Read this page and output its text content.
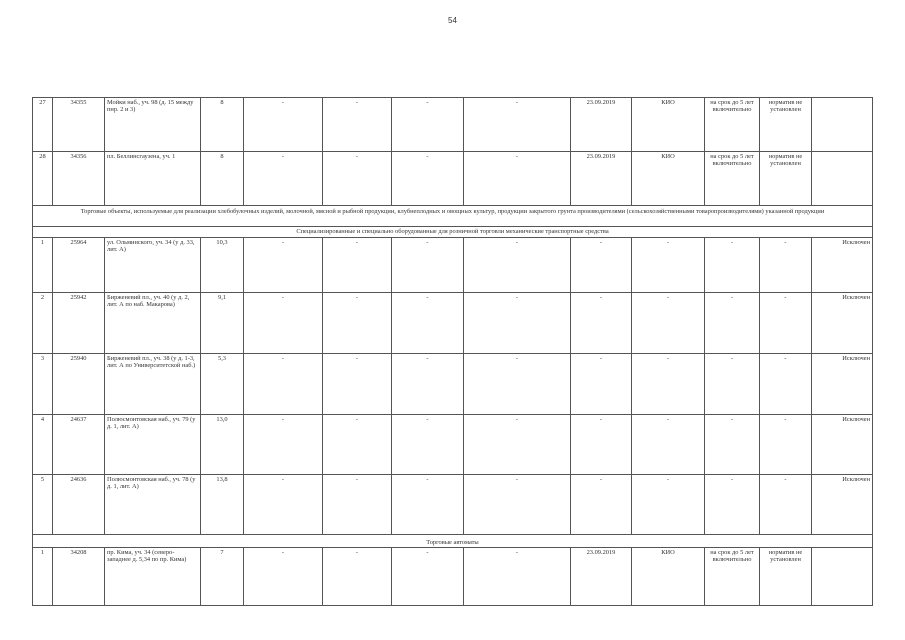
54
27	34355	Мойки наб., уч. 98 (д. 15 между пнр. 2 и 3)	8	-	-	-	-	23.09.2019	КИО	на срок до 5 лет включительно	норматив не установлен	
28	34356	пл. Беллинсгаузена, уч. 1	8	-	-	-	-	23.09.2019	КИО	на срок до 5 лет включительно	норматив не установлен	
Торговые объекты, используемые для реализации хлебобулочных изделий, молочной, мясной и рыбной продукции, клубнеплодных и овощных культур, продукции закрытого грунта производителями (сельскохозяйственными товаропроизводителями) указанной продукции												
Специализированные и специально оборудованные для розничной торговли механические транспортные средства												
1	25964	ул. Ольминского, уч. 34 (у д. 33, лит. А)	10,3	-	-	-	-	-	-	-	-	Исключен
2	25942	Бирженевий пл., уч. 40 (у д. 2, лит. А по наб. Макарова)	9,1	-	-	-	-	-	-	-	-	Исключен
3	25940	Бирженевий пл., уч. 38 (у д. 1-3, лит. А по Университетской наб.)	5,3	-	-	-	-	-	-	-	-	Исключен
4	24637	Полюсмонтовская наб., уч. 79 (у д. 1, лит. А)	13,0	-	-	-	-	-	-	-	-	Исключен
5	24636	Полюсмонтовская наб., уч. 78 (у д. 1, лит. А)	13,8	-	-	-	-	-	-	-	-	Исключен
Торговые автоматы												
1	34208	пр. Кима, уч. 34 (северо-западнее д. 5,34 по пр. Кима)	7	-	-	-	-	23.09.2019	КИО	на срок до 5 лет включительно	норматив не установлен	
